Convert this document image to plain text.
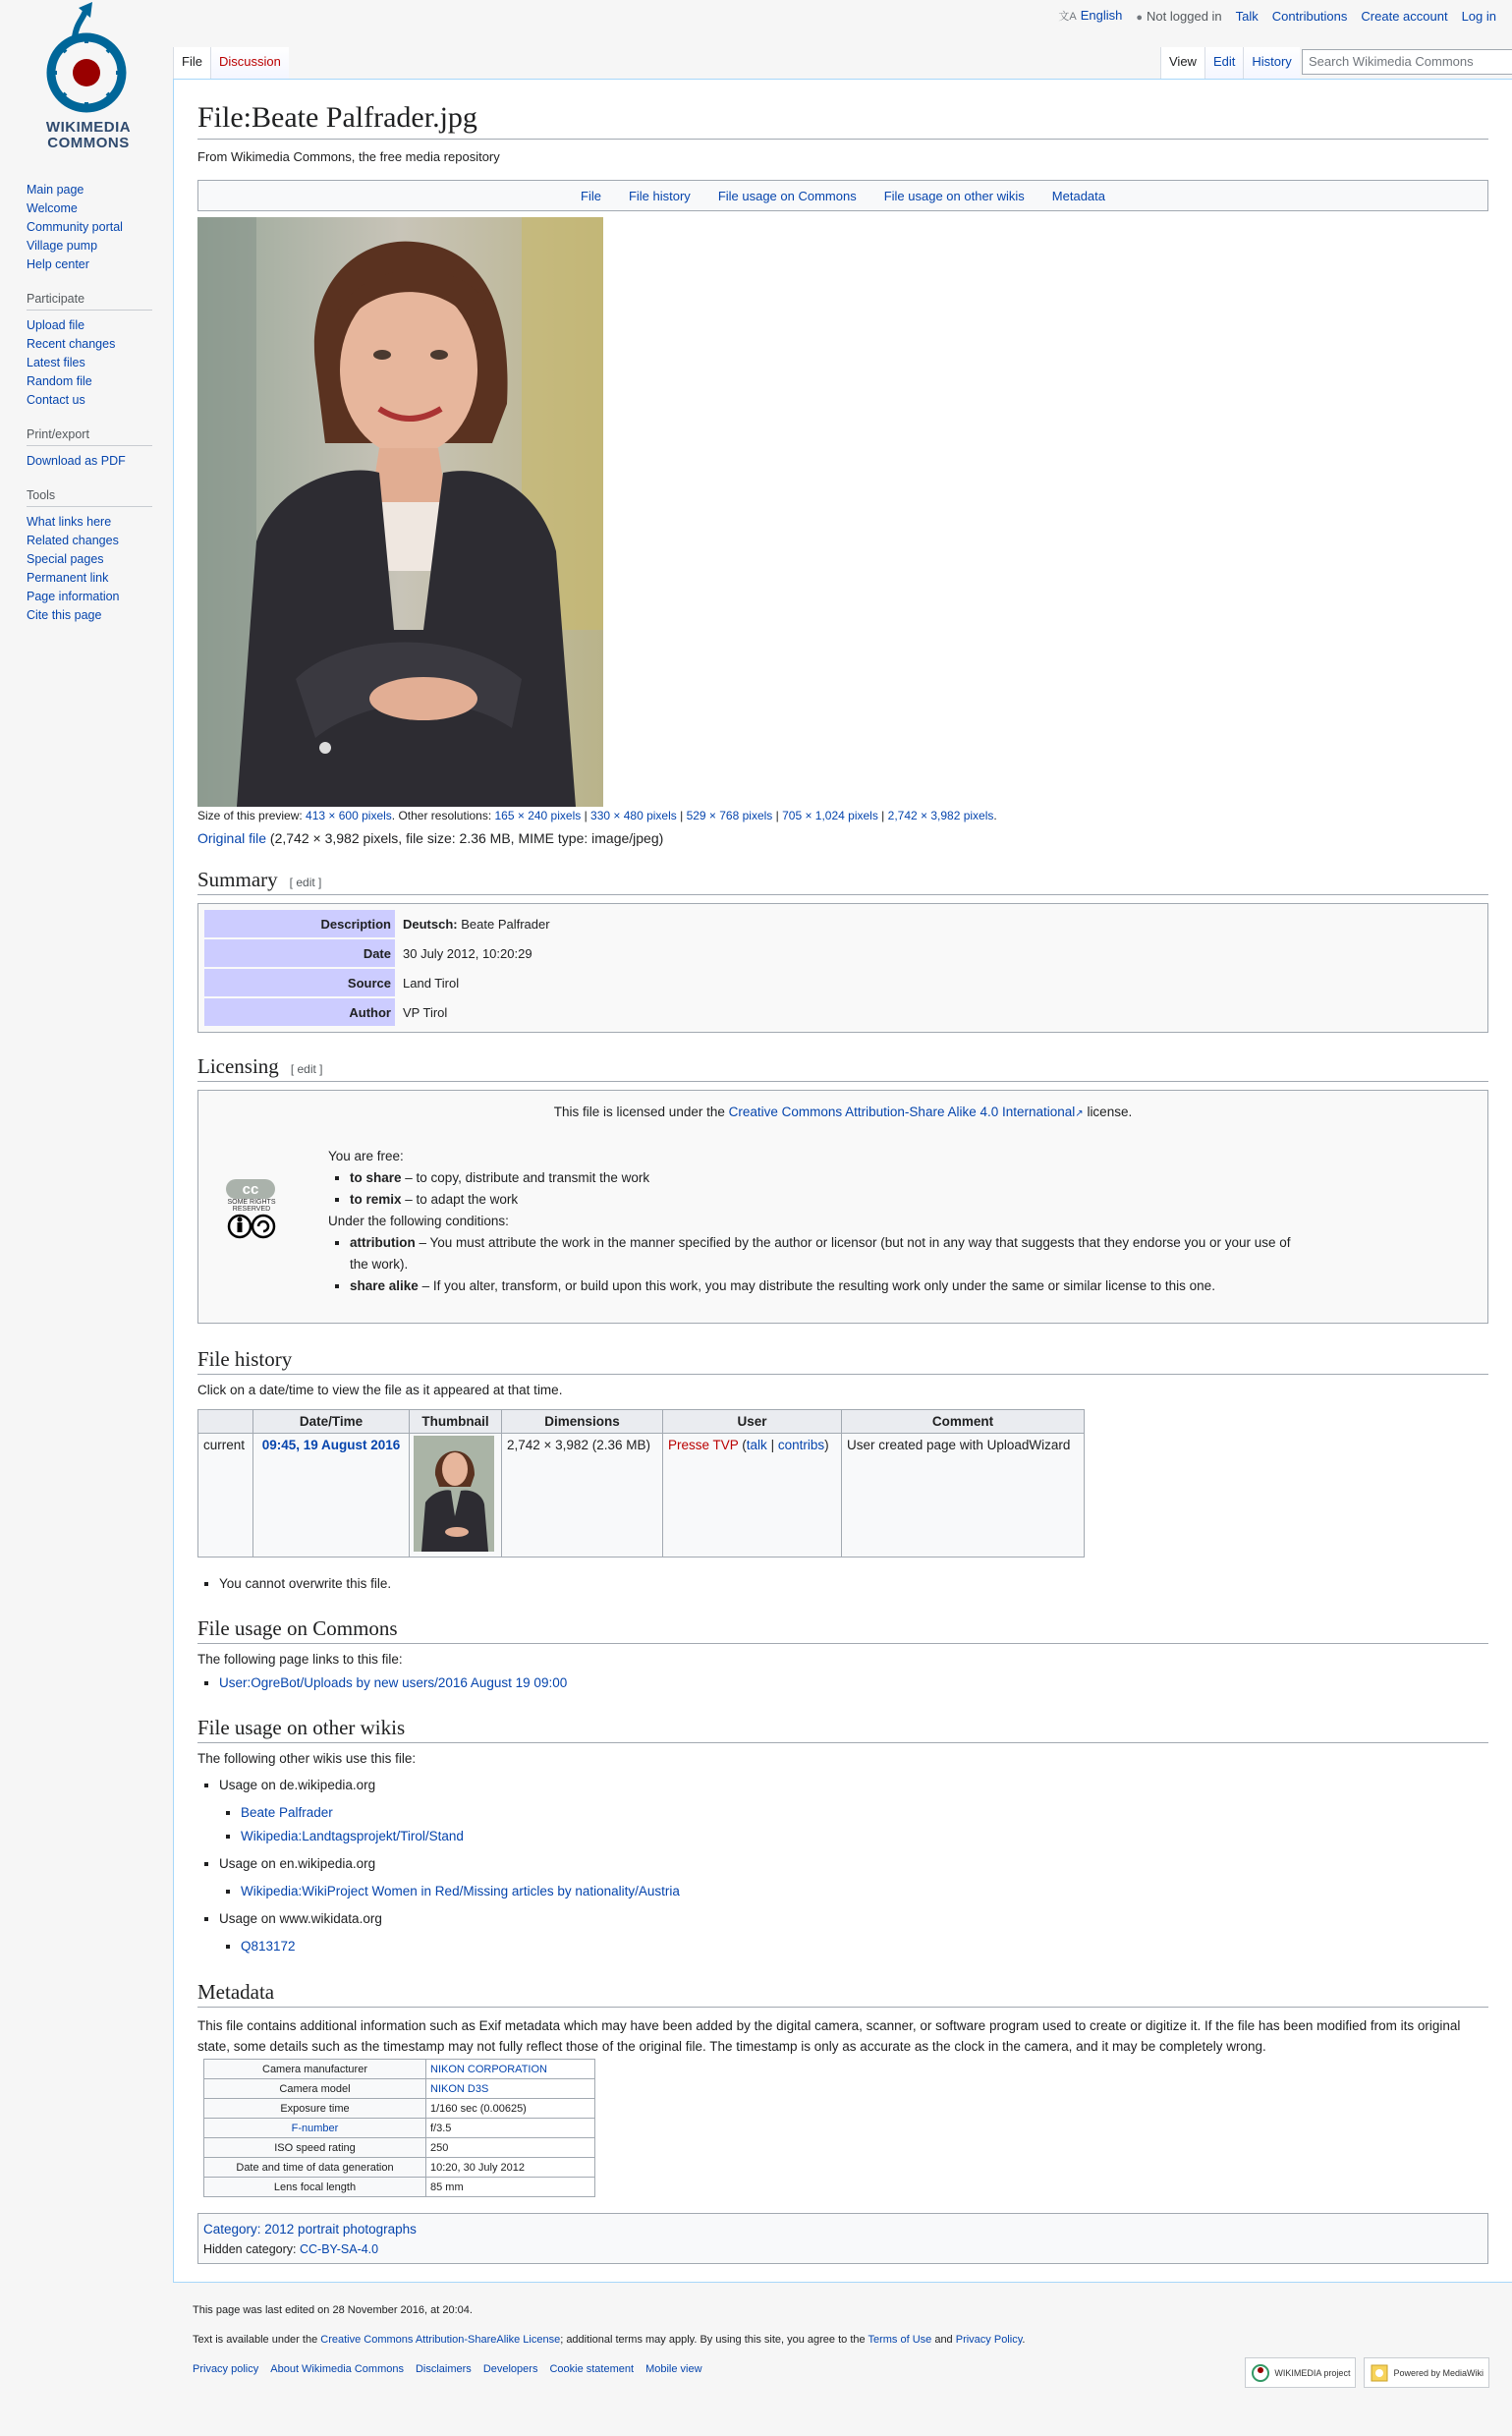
文A English ● Not logged in Talk Contributions Create account Log in
WIKIMEDIA
COMMONS
Main page
Welcome
Community portal
Village pump
Help center
Participate
Upload file
Recent changes
Latest files
Random file
Contact us
Print/export
Download as PDF
Tools
What links here
Related changes
Special pages
Permanent link
Page information
Cite this page
File	Discussion	View	Edit	History	Search Wikimedia Commons
File:Beate Palfrader.jpg
From Wikimedia Commons, the free media repository
File File history File usage on Commons File usage on other wikis Metadata
Size of this preview: 413 × 600 pixels. Other resolutions: 165 × 240 pixels | 330 × 480 pixels | 529 × 768 pixels | 705 × 1,024 pixels | 2,742 × 3,982 pixels.
Original file (2,742 × 3,982 pixels, file size: 2.36 MB, MIME type: image/jpeg)
Summary [ edit ]
Description	Deutsch: Beate Palfrader
Date	30 July 2012, 10:20:29
Source	Land Tirol
Author	VP Tirol
Licensing [ edit ]
This file is licensed under the Creative Commons Attribution-Share Alike 4.0 International↗ license.
cc
SOME RIGHTS RESERVED
You are free:
▪ to share – to copy, distribute and transmit the work
▪ to remix – to adapt the work
Under the following conditions:
▪ attribution – You must attribute the work in the manner specified by the author or licensor (but not in any way that suggests that they endorse you or your use of the work).
▪ share alike – If you alter, transform, or build upon this work, you may distribute the resulting work only under the same or similar license to this one.
File history
Click on a date/time to view the file as it appeared at that time.
	Date/Time	Thumbnail	Dimensions	User	Comment
current	09:45, 19 August 2016		2,742 × 3,982 (2.36 MB)	Presse TVP (talk | contribs)	User created page with UploadWizard
▪ You cannot overwrite this file.
File usage on Commons
The following page links to this file:
▪ User:OgreBot/Uploads by new users/2016 August 19 09:00
File usage on other wikis
The following other wikis use this file:
▪ Usage on de.wikipedia.org
▪ Beate Palfrader
▪ Wikipedia:Landtagsprojekt/Tirol/Stand
▪ Usage on en.wikipedia.org
▪ Wikipedia:WikiProject Women in Red/Missing articles by nationality/Austria
▪ Usage on www.wikidata.org
▪ Q813172
Metadata
This file contains additional information such as Exif metadata which may have been added by the digital camera, scanner, or software program used to create or digitize it. If the file has been modified from its original state, some details such as the timestamp may not fully reflect those of the original file. The timestamp is only as accurate as the clock in the camera, and it may be completely wrong.
Camera manufacturer	NIKON CORPORATION
Camera model	NIKON D3S
Exposure time	1/160 sec (0.00625)
F-number	f/3.5
ISO speed rating	250
Date and time of data generation	10:20, 30 July 2012
Lens focal length	85 mm
Category: 2012 portrait photographs
Hidden category: CC-BY-SA-4.0

This page was last edited on 28 November 2016, at 20:04.

Text is available under the Creative Commons Attribution-ShareAlike License; additional terms may apply. By using this site, you agree to the Terms of Use and Privacy Policy.

Privacy policy About Wikimedia Commons Disclaimers Developers Cookie statement Mobile view	WIKIMEDIA project	Powered by MediaWiki
